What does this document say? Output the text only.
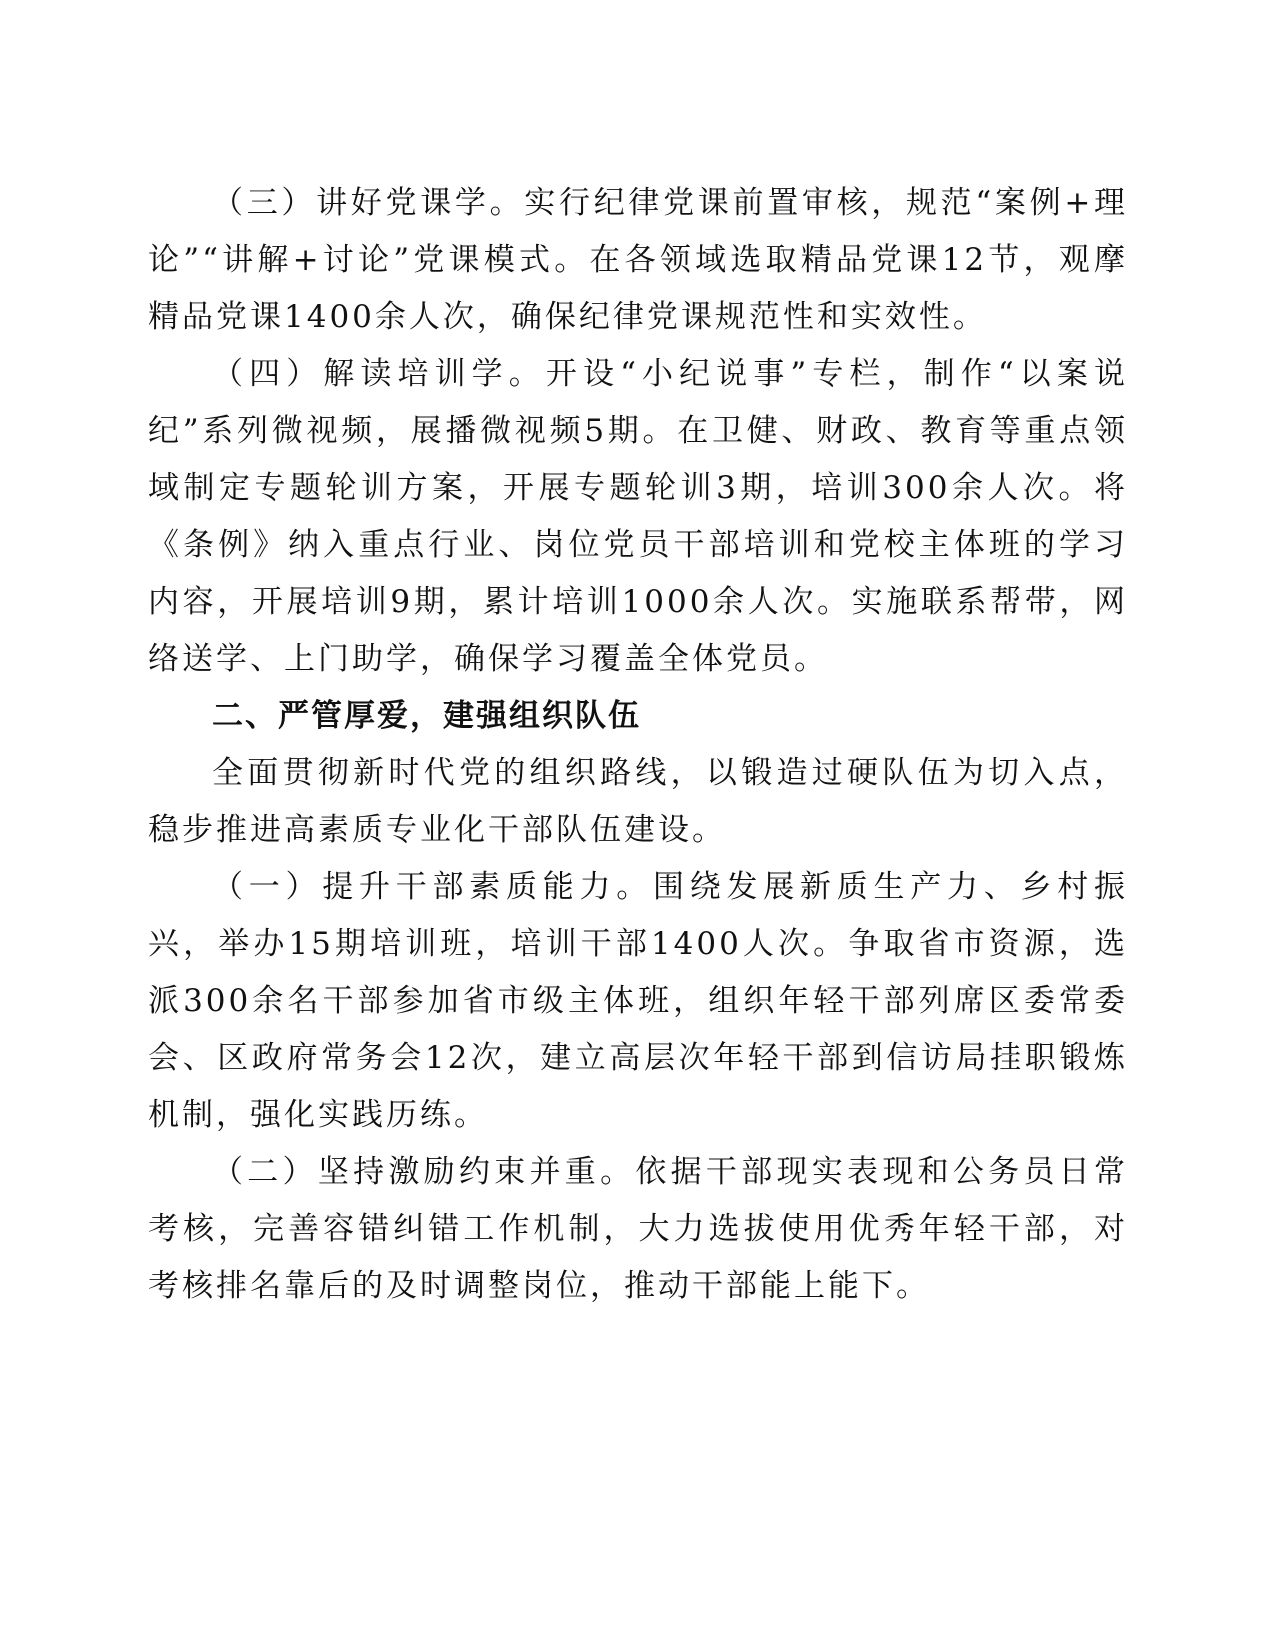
（三）讲好党课学。实行纪律党课前置审核，规范“案例+理论”“讲解+讨论”党课模式。在各领域选取精品党课12节，观摩精品党课1400余人次，确保纪律党课规范性和实效性。

（四）解读培训学。开设“小纪说事”专栏，制作“以案说纪”系列微视频，展播微视频5期。在卫健、财政、教育等重点领域制定专题轮训方案，开展专题轮训3期，培训300余人次。将《条例》纳入重点行业、岗位党员干部培训和党校主体班的学习内容，开展培训9期，累计培训1000余人次。实施联系帮带，网络送学、上门助学，确保学习覆盖全体党员。

二、严管厚爱，建强组织队伍

全面贯彻新时代党的组织路线，以锻造过硬队伍为切入点，稳步推进高素质专业化干部队伍建设。

（一）提升干部素质能力。围绕发展新质生产力、乡村振兴，举办15期培训班，培训干部1400人次。争取省市资源，选派300余名干部参加省市级主体班，组织年轻干部列席区委常委会、区政府常务会12次，建立高层次年轻干部到信访局挂职锻炼机制，强化实践历练。

（二）坚持激励约束并重。依据干部现实表现和公务员日常考核，完善容错纠错工作机制，大力选拔使用优秀年轻干部，对考核排名靠后的及时调整岗位，推动干部能上能下。
